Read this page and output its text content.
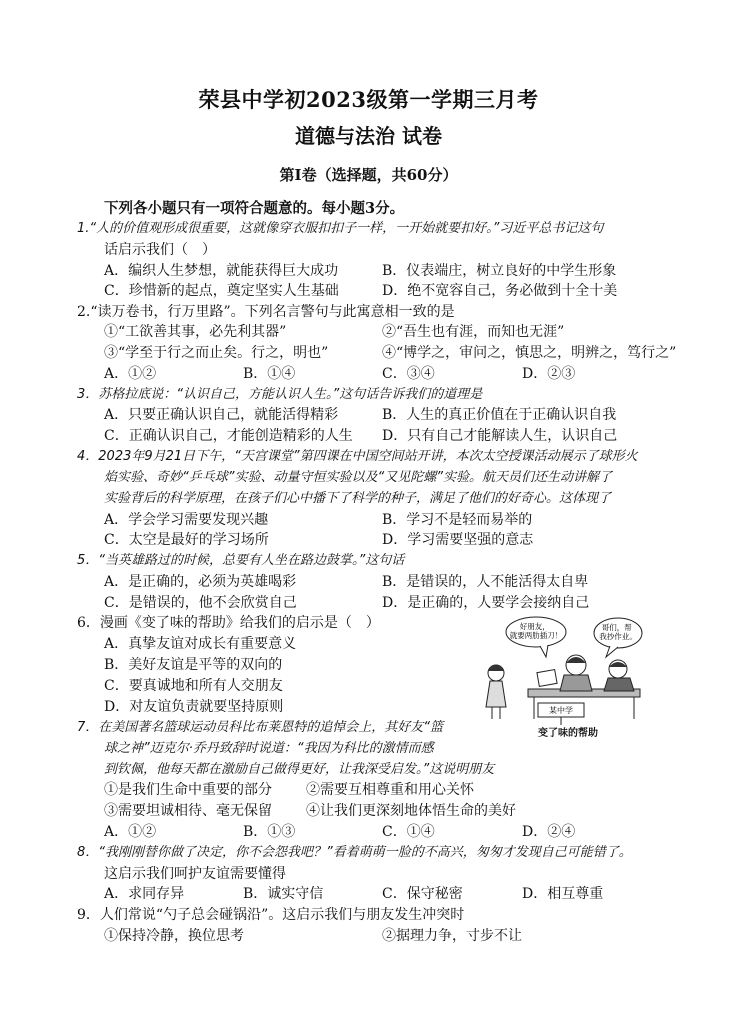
荣县中学初2023级第一学期三月考
道德与法治 试卷
第Ⅰ卷（选择题，共60分）
下列各小题只有一项符合题意的。每小题3分。
1.“人的价值观形成很重要，这就像穿衣服扣扣子一样，一开始就要扣好。”习近平总书记这句
话启示我们（　）
A．编织人生梦想，就能获得巨大成功	B．仪表端庄，树立良好的中学生形象
C．珍惜新的起点，奠定坚实人生基础	D．绝不宽容自己，务必做到十全十美
2.“读万卷书，行万里路”。下列名言警句与此寓意相一致的是
①“工欲善其事，必先利其器”	②“吾生也有涯，而知也无涯”
③“学至于行之而止矣。行之，明也”	④“博学之，审问之，慎思之，明辨之，笃行之”
A．①②	B．①④	C．③④	D．②③
3．苏格拉底说：“认识自己，方能认识人生。”这句话告诉我们的道理是
A．只要正确认识自己，就能活得精彩	B．人生的真正价值在于正确认识自我
C．正确认识自己，才能创造精彩的人生 D．只有自己才能解读人生，认识自己
4．2023年9月21日下午，“天宫课堂”第四课在中国空间站开讲，本次太空授课活动展示了球形火
焰实验、奇妙“乒乓球”实验、动量守恒实验以及“又见陀螺”实验。航天员们还生动讲解了
实验背后的科学原理，在孩子们心中播下了科学的种子，满足了他们的好奇心。这体现了
A．学会学习需要发现兴趣	B．学习不是轻而易举的
C．太空是最好的学习场所	D．学习需要坚强的意志
5．“当英雄路过的时候，总要有人坐在路边鼓掌。”这句话
A．是正确的，必须为英雄喝彩	B．是错误的，人不能活得太自卑
C．是错误的，他不会欣赏自己	D．是正确的，人要学会接纳自己
6．漫画《变了味的帮助》给我们的启示是（　）
A．真挚友谊对成长有重要意义
B．美好友谊是平等的双向的
C．要真诚地和所有人交朋友
D．对友谊负责就要坚持原则
好朋友， 就要两肋插刀！
哥们，帮 我抄作业。
某中学
变了味的帮助
7．在美国著名篮球运动员科比布莱恩特的追悼会上，其好友“篮
球之神”迈克尔·乔丹致辞时说道：“我因为科比的激情而感
到钦佩，他每天都在激励自己做得更好，让我深受启发。”这说明朋友
①是我们生命中重要的部分 ②需要互相尊重和用心关怀
③需要坦诚相待、毫无保留 ④让我们更深刻地体悟生命的美好
A．①②	B．①③	C．①④	D．②④
8．“我刚刚替你做了决定，你不会怨我吧？”看着萌萌一脸的不高兴，匆匆才发现自己可能错了。
这启示我们呵护友谊需要懂得
A．求同存异	B．诚实守信	C．保守秘密	D．相互尊重
9．人们常说“勺子总会碰锅沿”。这启示我们与朋友发生冲突时
①保持冷静，换位思考	②据理力争，寸步不让
